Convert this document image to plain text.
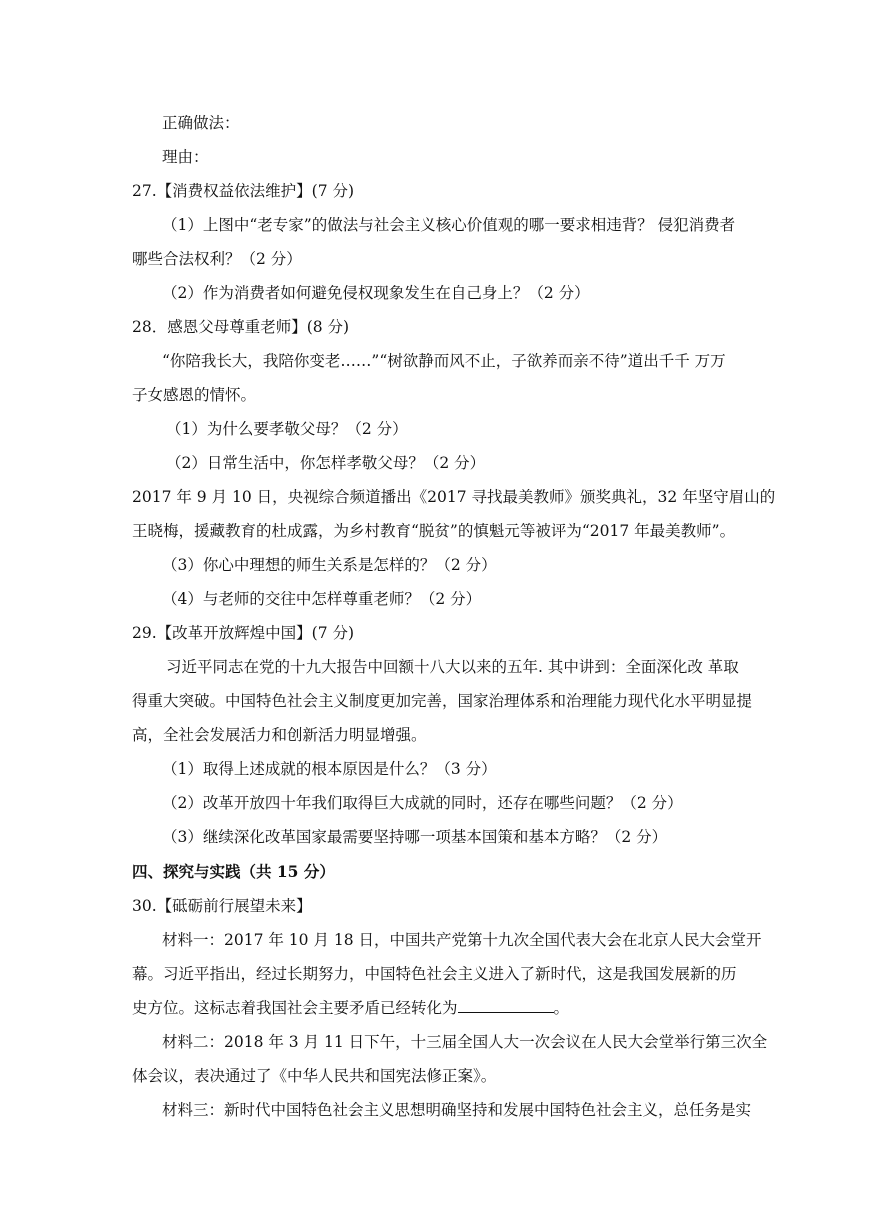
正确做法：
理由：
27.【消费权益依法维护】(7 分)
（1）上图中“老专家”的做法与社会主义核心价值观的哪一要求相违背？ 侵犯消费者
哪些合法权利？（2 分）
（2）作为消费者如何避免侵权现象发生在自己身上？（2 分）
28．感恩父母尊重老师】(8 分)
“你陪我长大，我陪你变老……”“树欲静而风不止，子欲养而亲不待”道出千千 万万
子女感恩的情怀。
（1）为什么要孝敬父母？（2 分）
（2）日常生活中，你怎样孝敬父母？（2 分）
2017 年 9 月 10 日，央视综合频道播出《2017 寻找最美教师》颁奖典礼，32 年坚守眉山的
王晓梅，援藏教育的杜成露，为乡村教育“脱贫”的慎魁元等被评为“2017 年最美教师”。
（3）你心中理想的师生关系是怎样的？（2 分）
（4）与老师的交往中怎样尊重老师？（2 分）
29.【改革开放辉煌中国】(7 分)
习近平同志在党的十九大报告中回额十八大以来的五年. 其中讲到：全面深化改 革取
得重大突破。中国特色社会主义制度更加完善，国家治理体系和治理能力现代化水平明显提
高，全社会发展活力和创新活力明显增强。
（1）取得上述成就的根本原因是什么？（3 分）
（2）改革开放四十年我们取得巨大成就的同时，还存在哪些问题？（2 分）
（3）继续深化改革国家最需要坚持哪一项基本国策和基本方略？（2 分）
四、探究与实践（共 15 分）
30.【砥砺前行展望未来】
材料一：2017 年 10 月 18 日，中国共产党第十九次全国代表大会在北京人民大会堂开
幕。习近平指出，经过长期努力，中国特色社会主义进入了新时代，这是我国发展新的历
史方位。这标志着我国社会主要矛盾已经转化为	。
材料二：2018 年 3 月 11 日下午，十三届全国人大一次会议在人民大会堂举行第三次全
体会议，表决通过了《中华人民共和国宪法修正案》。
材料三：新时代中国特色社会主义思想明确坚持和发展中国特色社会主义，总任务是实
